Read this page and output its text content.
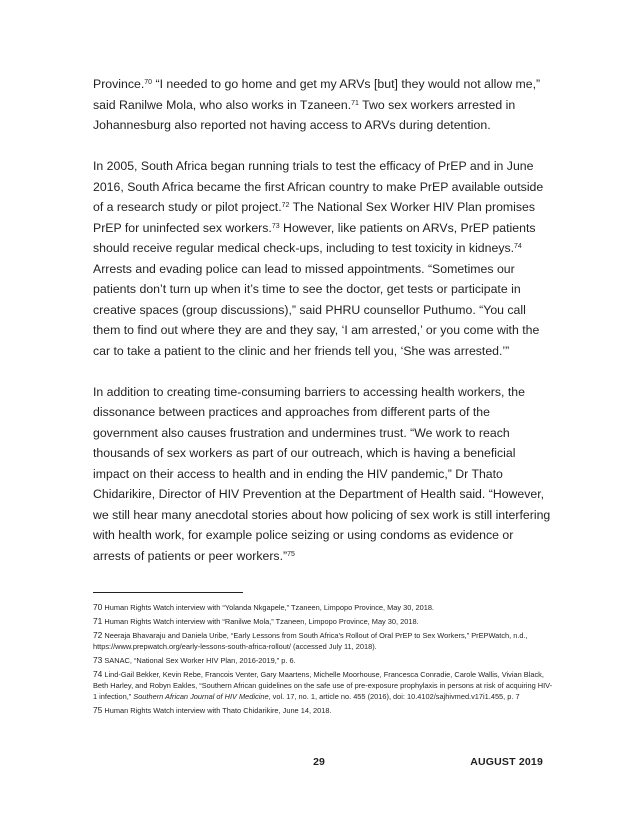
Province.$^{70}$ “I needed to go home and get my ARVs [but] they would not allow me,” said Ranilwe Mola, who also works in Tzaneen.$^{71}$ Two sex workers arrested in Johannesburg also reported not having access to ARVs during detention.

In 2005, South Africa began running trials to test the efficacy of PrEP and in June 2016, South Africa became the first African country to make PrEP available outside of a research study or pilot project.$^{72}$ The National Sex Worker HIV Plan promises PrEP for uninfected sex workers.$^{73}$ However, like patients on ARVs, PrEP patients should receive regular medical check-ups, including to test toxicity in kidneys.$^{74}$ Arrests and evading police can lead to missed appointments. “Sometimes our patients don’t turn up when it’s time to see the doctor, get tests or participate in creative spaces (group discussions),” said PHRU counsellor Puthumo. “You call them to find out where they are and they say, ‘I am arrested,’ or you come with the car to take a patient to the clinic and her friends tell you, ‘She was arrested.’”

In addition to creating time-consuming barriers to accessing health workers, the dissonance between practices and approaches from different parts of the government also causes frustration and undermines trust. “We work to reach thousands of sex workers as part of our outreach, which is having a beneficial impact on their access to health and in ending the HIV pandemic,” Dr Thato Chidarikire, Director of HIV Prevention at the Department of Health said. “However, we still hear many anecdotal stories about how policing of sex work is still interfering with health work, for example police seizing or using condoms as evidence or arrests of patients or peer workers.”$^{75}$

70 Human Rights Watch interview with “Yolanda Nkgapele,” Tzaneen, Limpopo Province, May 30, 2018.

71 Human Rights Watch interview with “Ranilwe Mola,” Tzaneen, Limpopo Province, May 30, 2018.

72 Neeraja Bhavaraju and Daniela Uribe, “Early Lessons from South Africa’s Rollout of Oral PrEP to Sex Workers,” PrEPWatch, n.d., https://www.prepwatch.org/early-lessons-south-africa-rollout/ (accessed July 11, 2018).

73 SANAC, “National Sex Worker HIV Plan, 2016-2019,” p. 6.

74 Lind-Gail Bekker, Kevin Rebe, Francois Venter, Gary Maartens, Michelle Moorhouse, Francesca Conradie, Carole Wallis, Vivian Black, Beth Harley, and Robyn Eakles, “Southern African guidelines on the safe use of pre-exposure prophylaxis in persons at risk of acquiring HIV-1 infection,” Southern African Journal of HIV Medicine, vol. 17, no. 1, article no. 455 (2016), doi: 10.4102/sajhivmed.v17i1.455, p. 7

75 Human Rights Watch interview with Thato Chidarikire, June 14, 2018.

29	AUGUST 2019
